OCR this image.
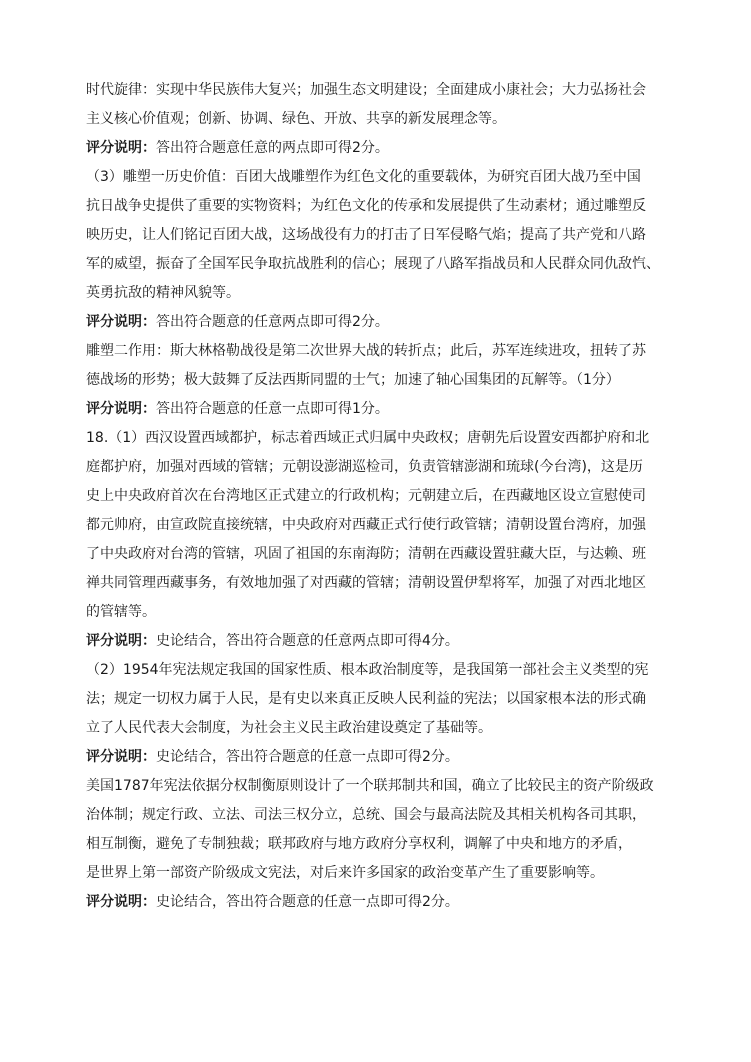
时代旋律：实现中华民族伟大复兴；加强生态文明建设；全面建成小康社会；大力弘扬社会
主义核心价值观；创新、协调、绿色、开放、共享的新发展理念等。
评分说明：答出符合题意任意的两点即可得2分。
（3）雕塑一历史价值：百团大战雕塑作为红色文化的重要载体，为研究百团大战乃至中国
抗日战争史提供了重要的实物资料；为红色文化的传承和发展提供了生动素材；通过雕塑反
映历史，让人们铭记百团大战，这场战役有力的打击了日军侵略气焰；提高了共产党和八路
军的威望，振奋了全国军民争取抗战胜利的信心；展现了八路军指战员和人民群众同仇敌忾、
英勇抗敌的精神风貌等。
评分说明：答出符合题意的任意两点即可得2分。
雕塑二作用：斯大林格勒战役是第二次世界大战的转折点；此后，苏军连续进攻，扭转了苏
德战场的形势；极大鼓舞了反法西斯同盟的士气；加速了轴心国集团的瓦解等。（1分）
评分说明：答出符合题意的任意一点即可得1分。
18.（1）西汉设置西域都护，标志着西域正式归属中央政权；唐朝先后设置安西都护府和北
庭都护府，加强对西域的管辖；元朝设澎湖巡检司，负责管辖澎湖和琉球(今台湾)，这是历
史上中央政府首次在台湾地区正式建立的行政机构；元朝建立后，在西藏地区设立宣慰使司
都元帅府，由宣政院直接统辖，中央政府对西藏正式行使行政管辖；清朝设置台湾府，加强
了中央政府对台湾的管辖，巩固了祖国的东南海防；清朝在西藏设置驻藏大臣，与达赖、班
禅共同管理西藏事务，有效地加强了对西藏的管辖；清朝设置伊犁将军，加强了对西北地区
的管辖等。
评分说明：史论结合，答出符合题意的任意两点即可得4分。
（2）1954年宪法规定我国的国家性质、根本政治制度等，是我国第一部社会主义类型的宪
法；规定一切权力属于人民，是有史以来真正反映人民利益的宪法；以国家根本法的形式确
立了人民代表大会制度，为社会主义民主政治建设奠定了基础等。
评分说明：史论结合，答出符合题意的任意一点即可得2分。
美国1787年宪法依据分权制衡原则设计了一个联邦制共和国，确立了比较民主的资产阶级政
治体制；规定行政、立法、司法三权分立，总统、国会与最高法院及其相关机构各司其职，
相互制衡，避免了专制独裁；联邦政府与地方政府分享权利，调解了中央和地方的矛盾，
是世界上第一部资产阶级成文宪法，对后来许多国家的政治变革产生了重要影响等。
评分说明：史论结合，答出符合题意的任意一点即可得2分。
